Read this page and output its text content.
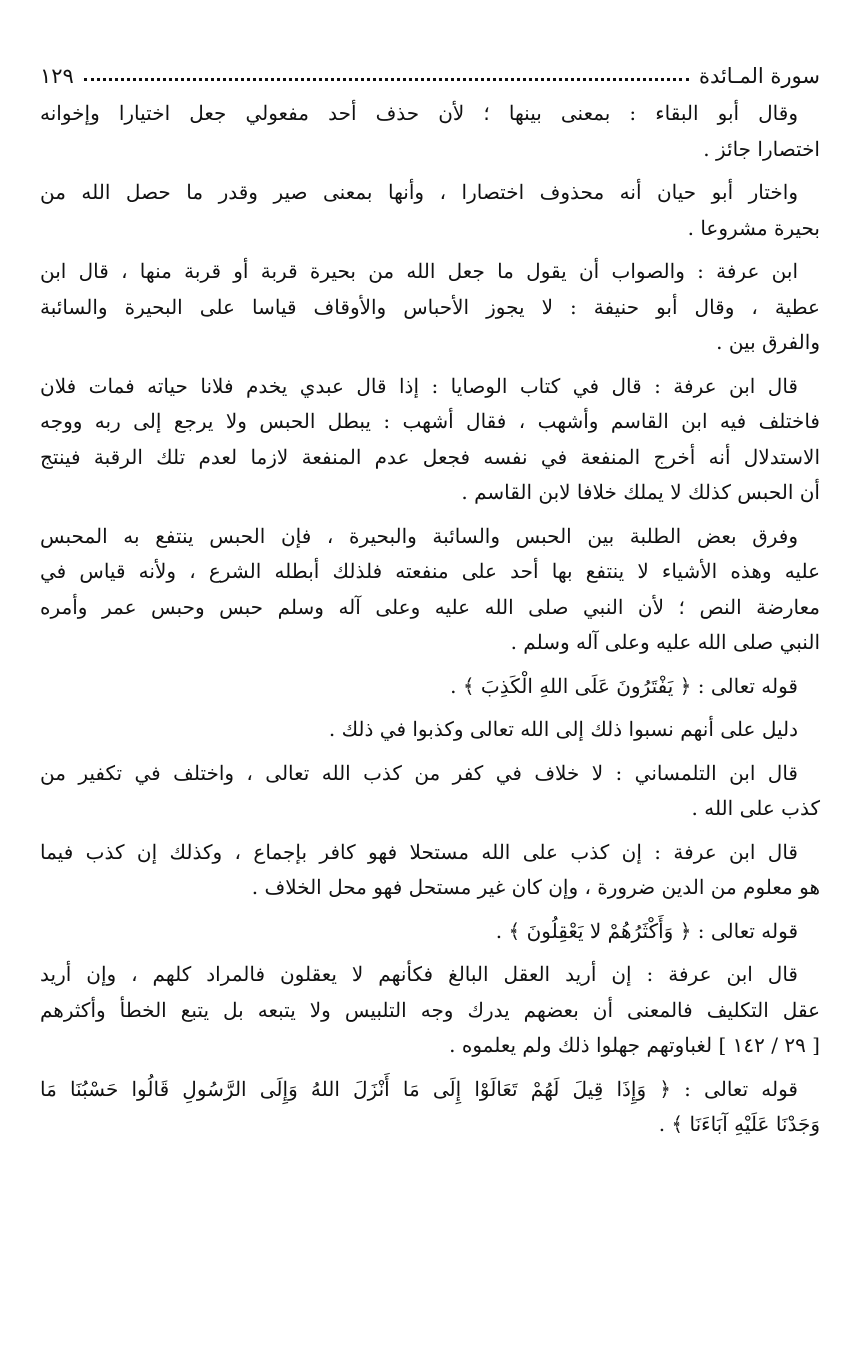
سورة المـائدة
١٢٩
وقال أبو البقاء : بمعنى بينها ؛ لأن حذف أحد مفعولي جعل اختيارا وإخوانه
اختصارا جائز .
واختار أبو حيان أنه محذوف اختصارا ، وأنها بمعنى صير وقدر ما حصل الله من
بحيرة مشروعا .
ابن عرفة : والصواب أن يقول ما جعل الله من بحيرة قربة أو قربة منها ، قال ابن
عطية ، وقال أبو حنيفة : لا يجوز الأحباس والأوقاف قياسا على البحيرة والسائبة
والفرق بين .
قال ابن عرفة : قال في كتاب الوصايا : إذا قال عبدي يخدم فلانا حياته فمات فلان
فاختلف فيه ابن القاسم وأشهب ، فقال أشهب : يبطل الحبس ولا يرجع إلى ربه ووجه
الاستدلال أنه أخرج المنفعة في نفسه فجعل عدم المنفعة لازما لعدم تلك الرقبة فينتج
أن الحبس كذلك لا يملك خلافا لابن القاسم .
وفرق بعض الطلبة بين الحبس والسائبة والبحيرة ، فإن الحبس ينتفع به المحبس
عليه وهذه الأشياء لا ينتفع بها أحد على منفعته فلذلك أبطله الشرع ، ولأنه قياس في
معارضة النص ؛ لأن النبي صلى الله عليه وعلى آله وسلم حبس وحبس عمر وأمره
النبي صلى الله عليه وعلى آله وسلم .
قوله تعالى : ﴿ يَفْتَرُونَ عَلَى اللهِ الْكَذِبَ ﴾ .
دليل على أنهم نسبوا ذلك إلى الله تعالى وكذبوا في ذلك .
قال ابن التلمساني : لا خلاف في كفر من كذب الله تعالى ، واختلف في تكفير من
كذب على الله .
قال ابن عرفة : إن كذب على الله مستحلا فهو كافر بإجماع ، وكذلك إن كذب فيما
هو معلوم من الدين ضرورة ، وإن كان غير مستحل فهو محل الخلاف .
قوله تعالى : ﴿ وَأَكْثَرُهُمْ لا يَعْقِلُونَ ﴾ .
قال ابن عرفة : إن أريد العقل البالغ فكأنهم لا يعقلون فالمراد كلهم ، وإن أريد
عقل التكليف فالمعنى أن بعضهم يدرك وجه التلبيس ولا يتبعه بل يتبع الخطأ وأكثرهم
[ ٢٩ / ١٤٢ ] لغباوتهم جهلوا ذلك ولم يعلموه .
قوله تعالى : ﴿ وَإِذَا قِيلَ لَهُمْ تَعَالَوْا إِلَى مَا أَنْزَلَ اللهُ وَإِلَى الرَّسُولِ قَالُوا حَسْبُنَا مَا
وَجَدْنَا عَلَيْهِ آبَاءَنَا ﴾ .
